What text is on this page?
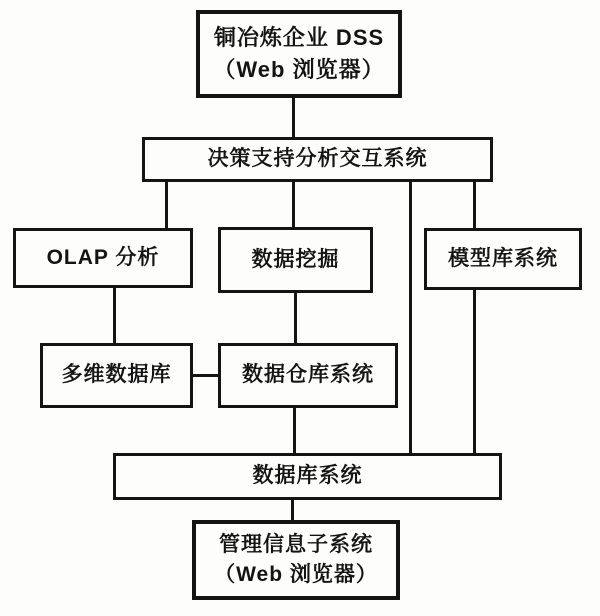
铜冶炼企业 DSS
（Web 浏览器）
决策支持分析交互系统
OLAP 分析	数据挖掘	模型库系统
多维数据库	数据仓库系统
数据库系统
管理信息子系统
（Web 浏览器）
